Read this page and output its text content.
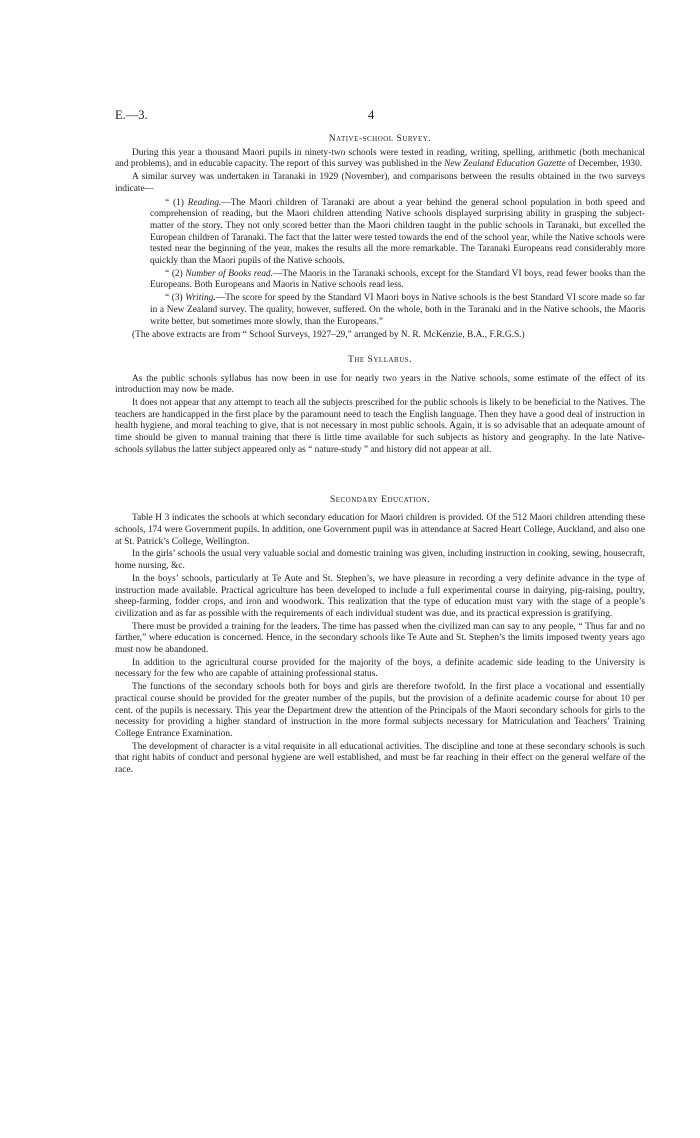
E.—3.	4
Native-school Survey.

During this year a thousand Maori pupils in ninety-two schools were tested in reading, writing, spelling, arithmetic (both mechanical and problems), and in educable capacity. The report of this survey was published in the New Zealand Education Gazette of December, 1930.

A similar survey was undertaken in Taranaki in 1929 (November), and comparisons between the results obtained in the two surveys indicate—

“ (1) Reading.—The Maori children of Taranaki are about a year behind the general school population in both speed and comprehension of reading, but the Maori children attending Native schools displayed surprising ability in grasping the subject-matter of the story. They not only scored better than the Maori children taught in the public schools in Taranaki, but excelled the European children of Taranaki. The fact that the latter were tested towards the end of the school year, while the Native schools were tested near the beginning of the year, makes the results all the more remarkable. The Taranaki Europeans read considerably more quickly than the Maori pupils of the Native schools.

“ (2) Number of Books read.—The Maoris in the Taranaki schools, except for the Standard VI boys, read fewer books than the Europeans. Both Europeans and Maoris in Native schools read less.

“ (3) Writing.—The score for speed by the Standard VI Maori boys in Native schools is the best Standard VI score made so far in a New Zealand survey. The quality, however, suffered. On the whole, both in the Taranaki and in the Native schools, the Maoris write better, but sometimes more slowly, than the Europeans.”

(The above extracts are from “ School Surveys, 1927–29,” arranged by N. R. McKenzie, B.A., F.R.G.S.)

The Syllabus.

As the public schools syllabus has now been in use for nearly two years in the Native schools, some estimate of the effect of its introduction may now be made.

It does not appear that any attempt to teach all the subjects prescribed for the public schools is likely to be beneficial to the Natives. The teachers are handicapped in the first place by the paramount need to teach the English language. Then they have a good deal of instruction in health hygiene, and moral teaching to give, that is not necessary in most public schools. Again, it is so advisable that an adequate amount of time should be given to manual training that there is little time available for such subjects as history and geography. In the late Native-schools syllabus the latter subject appeared only as “ nature-study ” and history did not appear at all.

Secondary Education.

Table H 3 indicates the schools at which secondary education for Maori children is provided. Of the 512 Maori children attending these schools, 174 were Government pupils. In addition, one Government pupil was in attendance at Sacred Heart College, Auckland, and also one at St. Patrick’s College, Wellington.

In the girls’ schools the usual very valuable social and domestic training was given, including instruction in cooking, sewing, housecraft, home nursing, &c.

In the boys’ schools, particularly at Te Aute and St. Stephen’s, we have pleasure in recording a very definite advance in the type of instruction made available. Practical agriculture has been developed to include a full experimental course in dairying, pig-raising, poultry, sheep-farming, fodder crops, and iron and woodwork. This realization that the type of education must vary with the stage of a people’s civilization and as far as possible with the requirements of each individual student was due, and its practical expression is gratifying.

There must be provided a training for the leaders. The time has passed when the civilized man can say to any people, “ Thus far and no farther,” where education is concerned. Hence, in the secondary schools like Te Aute and St. Stephen’s the limits imposed twenty years ago must now be abandoned.

In addition to the agricultural course provided for the majority of the boys, a definite academic side leading to the University is necessary for the few who are capable of attaining professional status.

The functions of the secondary schools both for boys and girls are therefore twofold. In the first place a vocational and essentially practical course should be provided for the greater number of the pupils, but the provision of a definite academic course for about 10 per cent. of the pupils is necessary. This year the Department drew the attention of the Principals of the Maori secondary schools for girls to the necessity for providing a higher standard of instruction in the more formal subjects necessary for Matriculation and Teachers’ Training College Entrance Examination.

The development of character is a vital requisite in all educational activities. The discipline and tone at these secondary schools is such that right habits of conduct and personal hygiene are well established, and must be far reaching in their effect on the general welfare of the race.
